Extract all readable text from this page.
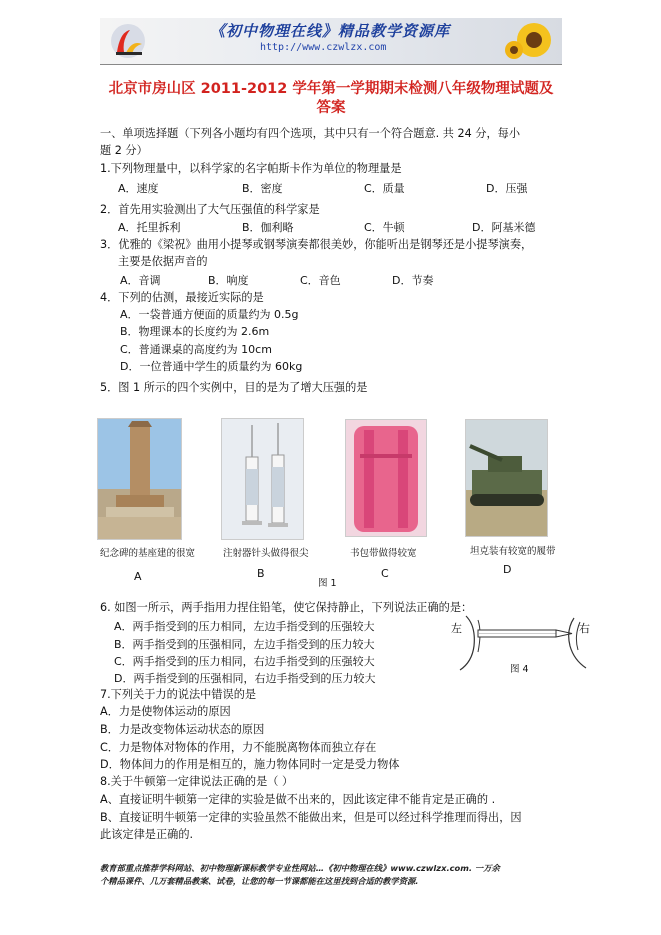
《初中物理在线》精品教学资源库
http://www.czwlzx.com
北京市房山区 2011-2012 学年第一学期期末检测八年级物理试题及
答案
一、单项选择题（下列各小题均有四个选项，其中只有一个符合题意. 共 24 分，每小
题 2 分）
1.下列物理量中，以科学家的名字帕斯卡作为单位的物理量是
A．速度	B．密度	C．质量	D．压强
2．首先用实验测出了大气压强值的科学家是
A．托里拆利	B．伽利略	C．牛顿	D．阿基米德
3．优雅的《梁祝》曲用小提琴或钢琴演奏都很美妙，你能听出是钢琴还是小提琴演奏，
主要是依据声音的
A．音调	B．响度	C．音色	D．节奏
4．下列的估测，最接近实际的是
A．一袋普通方便面的质量约为 0.5g
B．物理课本的长度约为 2.6m
C．普通课桌的高度约为 10cm
D．一位普通中学生的质量约为 60kg
5．图 1 所示的四个实例中，目的是为了增大压强的是
纪念碑的基座建的很宽	注射器针头做得很尖	书包带做得较宽	坦克装有较宽的履带
A	B	C	D
图 1
6. 如图一所示，两手指用力捏住铅笔，使它保持静止，下列说法正确的是：
A．两手指受到的压力相同，左边手指受到的压强较大
B．两手指受到的压强相同，左边手指受到的压力较大
C．两手指受到的压力相同，右边手指受到的压强较大
D．两手指受到的压强相同，右边手指受到的压力较大
左	右
图 4
7.下列关于力的说法中错误的是
A．力是使物体运动的原因
B．力是改变物体运动状态的原因
C．力是物体对物体的作用，力不能脱离物体而独立存在
D．物体间力的作用是相互的，施力物体同时一定是受力物体
8.关于牛顿第一定律说法正确的是（ ）
A、直接证明牛顿第一定律的实验是做不出来的，因此该定律不能肯定是正确的 .
B、直接证明牛顿第一定律的实验虽然不能做出来，但是可以经过科学推理而得出，因
此该定律是正确的.
教育部重点推荐学科网站、初中物理新课标教学专业性网站…《初中物理在线》www.czwlzx.com. 一万余
个精品课件、几万套精品教案、试卷，让您的每一节课都能在这里找到合适的教学资源.
